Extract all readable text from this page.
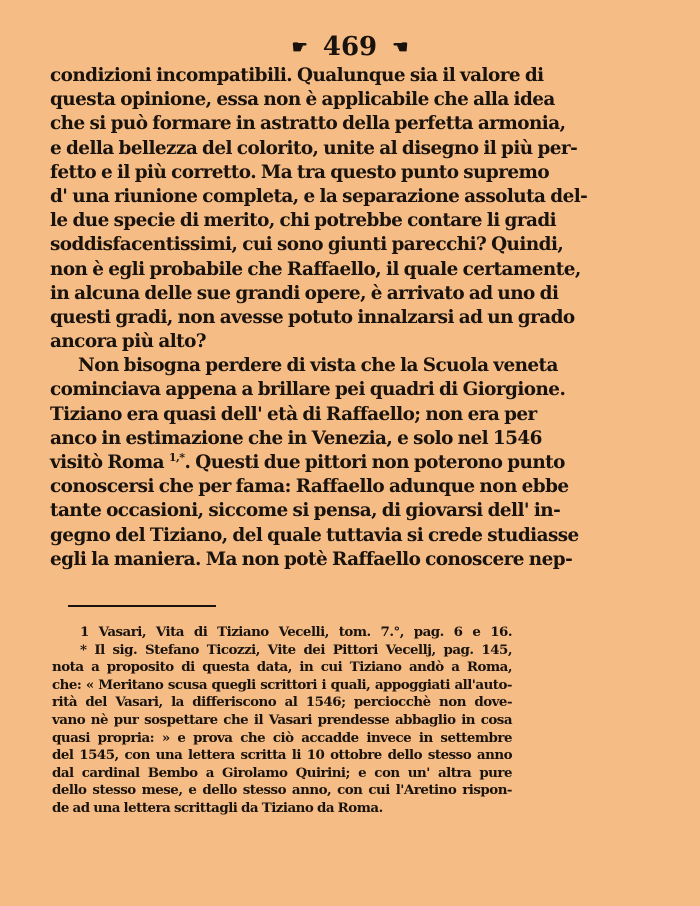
☛ 469 ☚
condizioni incompatibili. Qualunque sia il valore di
questa opinione, essa non è applicabile che alla idea
che si può formare in astratto della perfetta armonia,
e della bellezza del colorito, unite al disegno il più per-
fetto e il più corretto. Ma tra questo punto supremo
d' una riunione completa, e la separazione assoluta del-
le due specie di merito, chi potrebbe contare li gradi
soddisfacentissimi, cui sono giunti parecchi? Quindi,
non è egli probabile che Raffaello, il quale certamente,
in alcuna delle sue grandi opere, è arrivato ad uno di
questi gradi, non avesse potuto innalzarsi ad un grado
ancora più alto?
Non bisogna perdere di vista che la Scuola veneta
cominciava appena a brillare pei quadri di Giorgione.
Tiziano era quasi dell' età di Raffaello; non era per
anco in estimazione che in Venezia, e solo nel 1546
visitò Roma $^{1,*}$. Questi due pittori non poterono punto
conoscersi che per fama: Raffaello adunque non ebbe
tante occasioni, siccome si pensa, di giovarsi dell' in-
gegno del Tiziano, del quale tuttavia si crede studiasse
egli la maniera. Ma non potè Raffaello conoscere nep-
1 Vasari, Vita di Tiziano Vecelli, tom. 7.°, pag. 6 e 16.
* Il sig. Stefano Ticozzi, Vite dei Pittori Vecellj, pag. 145,
nota a proposito di questa data, in cui Tiziano andò a Roma,
che: « Meritano scusa quegli scrittori i quali, appoggiati all'auto-
rità del Vasari, la differiscono al 1546; perciocchè non dove-
vano nè pur sospettare che il Vasari prendesse abbaglio in cosa
quasi propria: » e prova che ciò accadde invece in settembre
del 1545, con una lettera scritta li 10 ottobre dello stesso anno
dal cardinal Bembo a Girolamo Quirini; e con un' altra pure
dello stesso mese, e dello stesso anno, con cui l'Aretino rispon-
de ad una lettera scrittagli da Tiziano da Roma.
